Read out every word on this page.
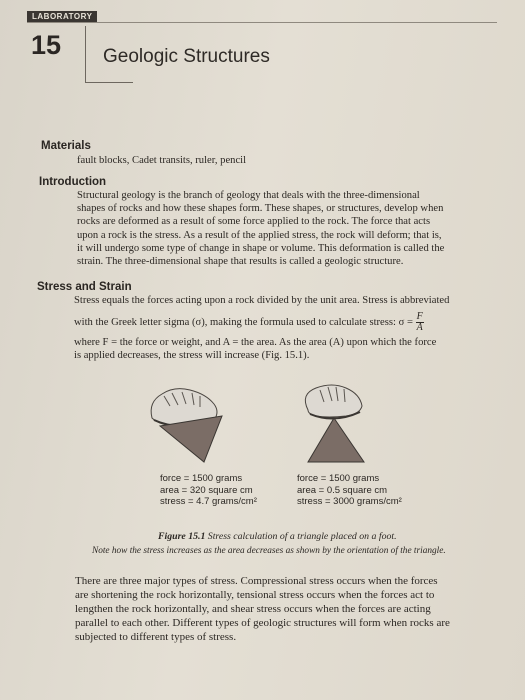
LABORATORY
15 Geologic Structures
Materials
fault blocks, Cadet transits, ruler, pencil
Introduction
Structural geology is the branch of geology that deals with the three-dimensional
shapes of rocks and how these shapes form. These shapes, or structures, develop when
rocks are deformed as a result of some force applied to the rock. The force that acts
upon a rock is the stress. As a result of the applied stress, the rock will deform; that is,
it will undergo some type of change in shape or volume. This deformation is called the
strain. The three-dimensional shape that results is called a geologic structure.
Stress and Strain
Stress equals the forces acting upon a rock divided by the unit area. Stress is abbreviated
with the Greek letter sigma (σ), making the formula used to calculate stress: $\sigma = \frac{F}{A}$
where F = the force or weight, and A = the area. As the area (A) upon which the force
is applied decreases, the stress will increase (Fig. 15.1).
force = 1500 grams
area = 320 square cm
stress = 4.7 grams/cm²
force = 1500 grams
area = 0.5 square cm
stress = 3000 grams/cm²
Figure 15.1 Stress calculation of a triangle placed on a foot.
Note how the stress increases as the area decreases as shown by the orientation of the triangle.
There are three major types of stress. Compressional stress occurs when the forces
are shortening the rock horizontally, tensional stress occurs when the forces act to
lengthen the rock horizontally, and shear stress occurs when the forces are acting
parallel to each other. Different types of geologic structures will form when rocks are
subjected to different types of stress.
